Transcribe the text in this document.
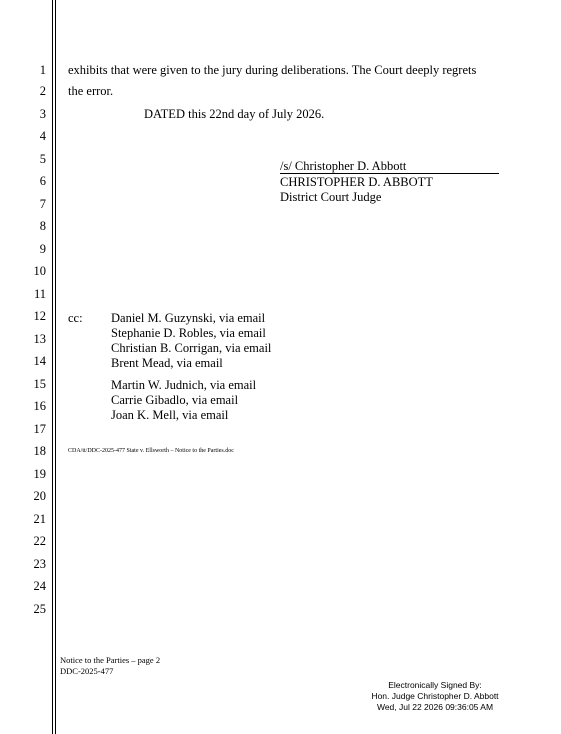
1
2
3
4
5
6
7
8
9
10
11
12
13
14
15
16
17
18
19
20
21
22
23
24
25
exhibits that were given to the jury during deliberations. The Court deeply regrets
the error.
DATED this 22nd day of July 2026.
/s/ Christopher D. Abbott
CHRISTOPHER D. ABBOTT
District Court Judge
cc: Daniel M. Guzynski, via email
Stephanie D. Robles, via email
Christian B. Corrigan, via email
Brent Mead, via email
Martin W. Judnich, via email
Carrie Gibadlo, via email
Joan K. Mell, via email
CDA/tt/DDC-2025-477 State v. Ellsworth – Notice to the Parties.doc
Notice to the Parties – page 2
DDC-2025-477
Electronically Signed By:
Hon. Judge Christopher D. Abbott
Wed, Jul 22 2026 09:36:05 AM
